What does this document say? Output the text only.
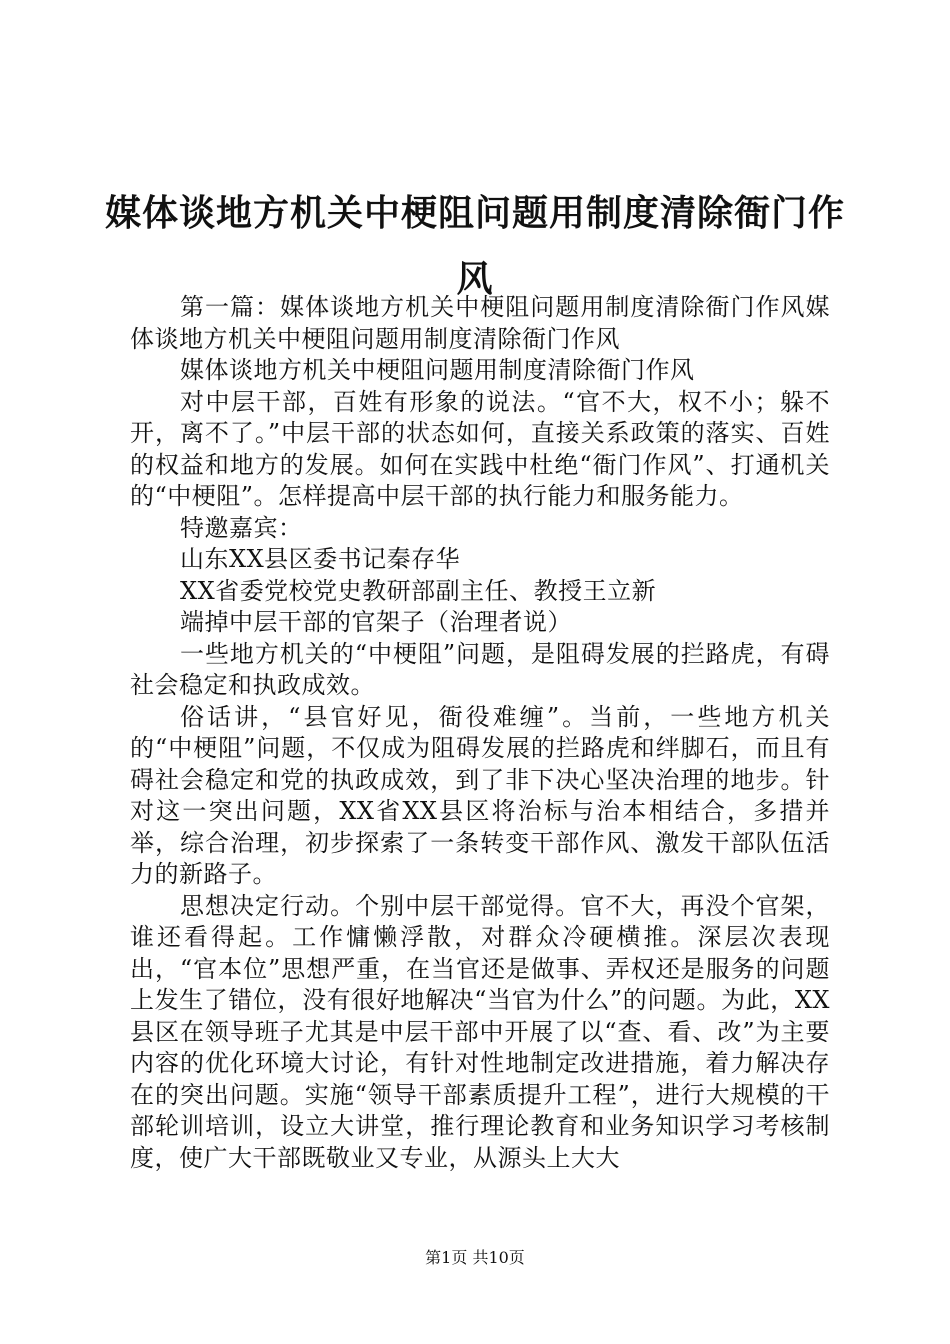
媒体谈地方机关中梗阻问题用制度清除衙门作风

第一篇：媒体谈地方机关中梗阻问题用制度清除衙门作风媒体谈地方机关中梗阻问题用制度清除衙门作风

媒体谈地方机关中梗阻问题用制度清除衙门作风

对中层干部，百姓有形象的说法。“官不大，权不小；躲不开，离不了。”中层干部的状态如何，直接关系政策的落实、百姓的权益和地方的发展。如何在实践中杜绝“衙门作风”、打通机关的“中梗阻”。怎样提高中层干部的执行能力和服务能力。

特邀嘉宾：

山东XX县区委书记秦存华

XX省委党校党史教研部副主任、教授王立新

端掉中层干部的官架子（治理者说）

一些地方机关的“中梗阻”问题，是阻碍发展的拦路虎，有碍社会稳定和执政成效。

俗话讲，“县官好见，衙役难缠”。当前，一些地方机关的“中梗阻”问题，不仅成为阻碍发展的拦路虎和绊脚石，而且有碍社会稳定和党的执政成效，到了非下决心坚决治理的地步。针对这一突出问题，XX省XX县区将治标与治本相结合，多措并举，综合治理，初步探索了一条转变干部作风、激发干部队伍活力的新路子。

思想决定行动。个别中层干部觉得。官不大，再没个官架，谁还看得起。工作慵懒浮散，对群众冷硬横推。深层次表现出，“官本位”思想严重，在当官还是做事、弄权还是服务的问题上发生了错位，没有很好地解决“当官为什么”的问题。为此，XX县区在领导班子尤其是中层干部中开展了以“查、看、改”为主要内容的优化环境大讨论，有针对性地制定改进措施，着力解决存在的突出问题。实施“领导干部素质提升工程”，进行大规模的干部轮训培训，设立大讲堂，推行理论教育和业务知识学习考核制度，使广大干部既敬业又专业，从源头上大大

第1页 共10页
